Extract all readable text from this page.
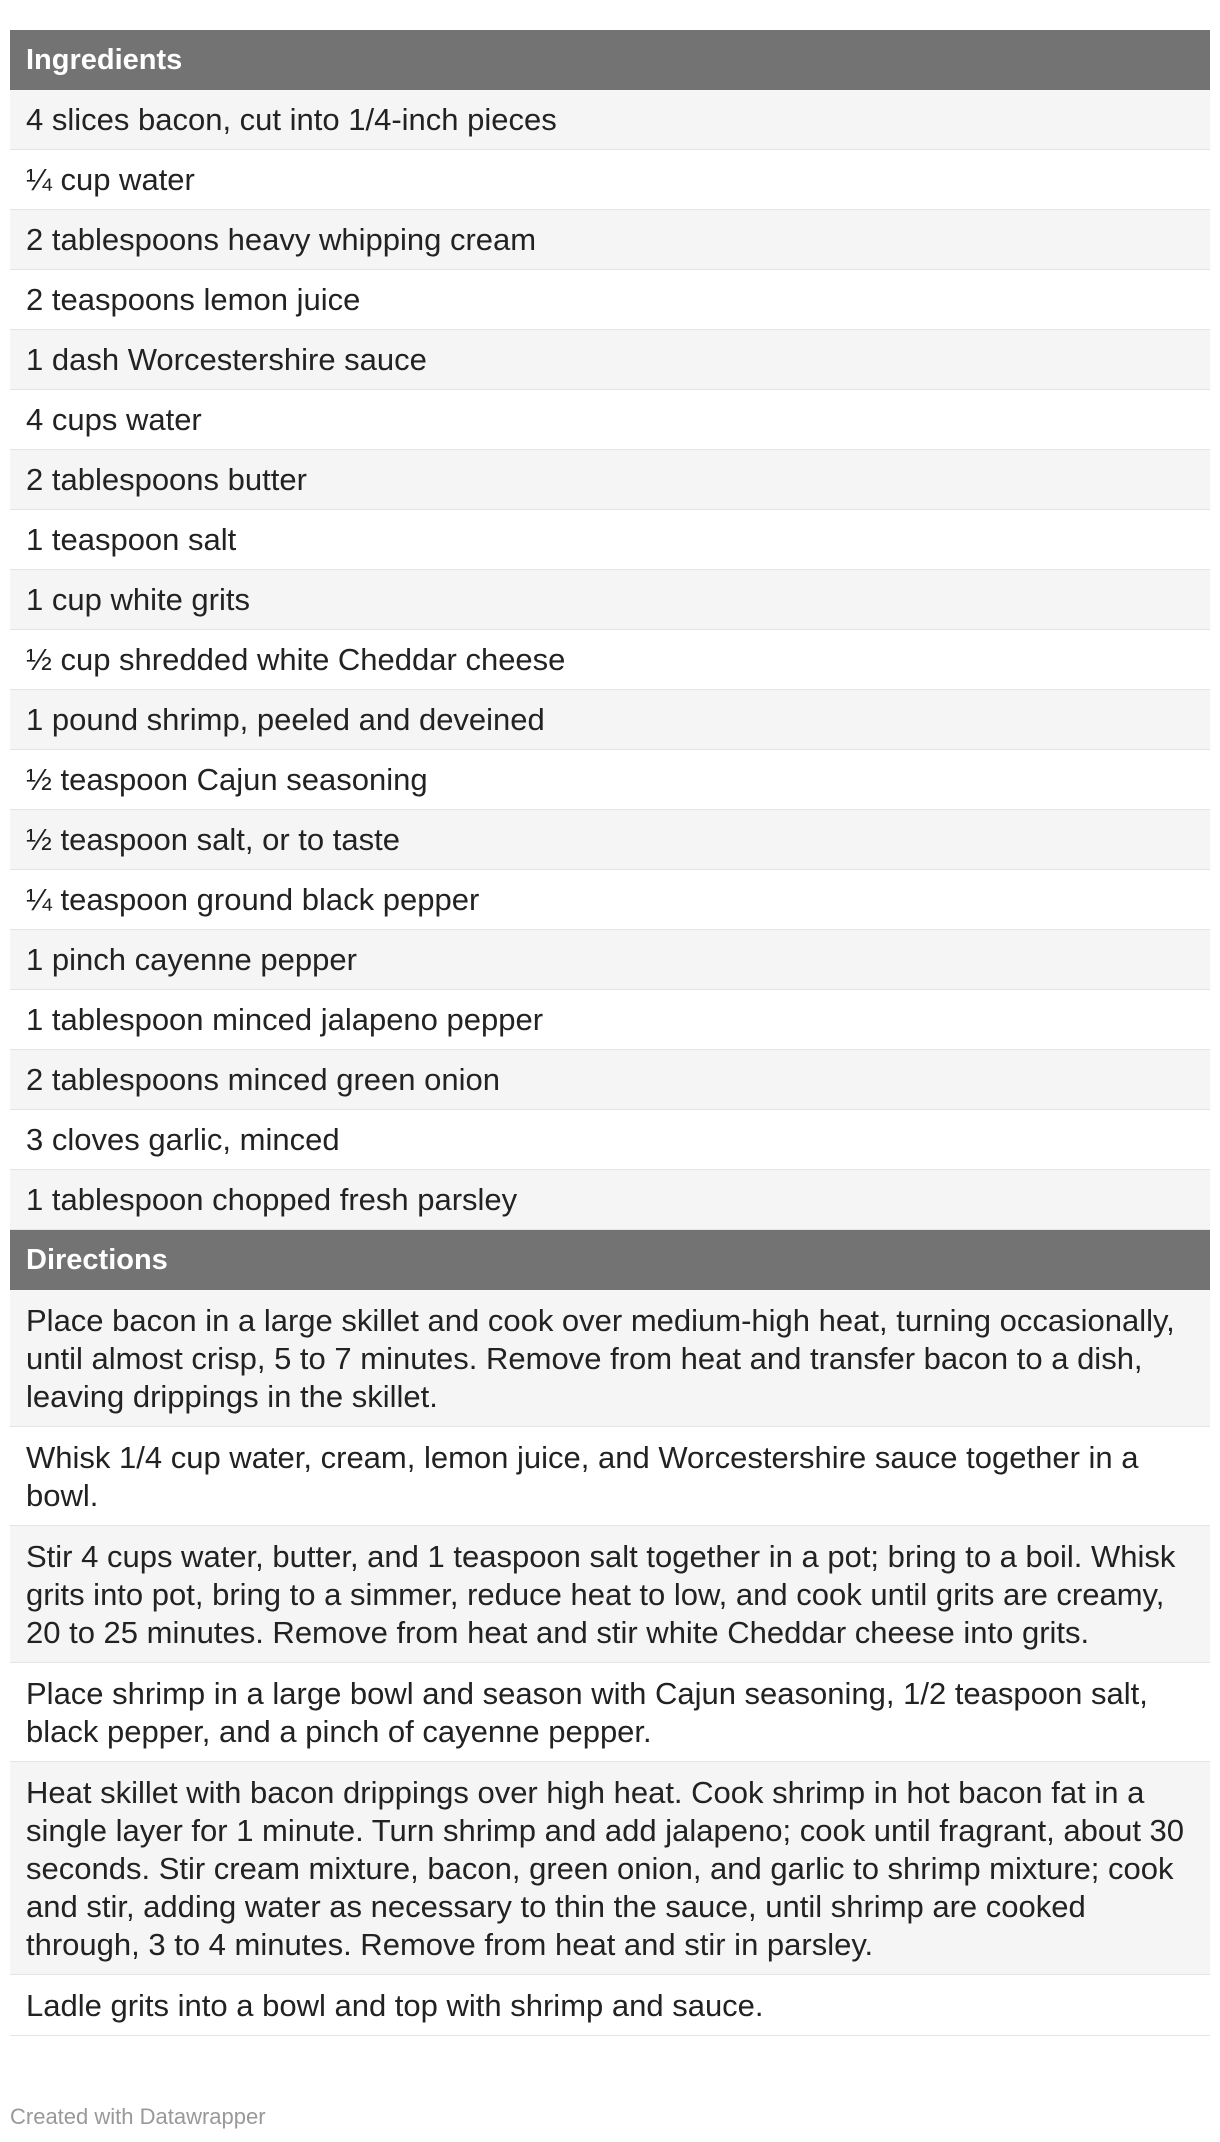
Ingredients
4 slices bacon, cut into 1/4-inch pieces
¼ cup water
2 tablespoons heavy whipping cream
2 teaspoons lemon juice
1 dash Worcestershire sauce
4 cups water
2 tablespoons butter
1 teaspoon salt
1 cup white grits
½ cup shredded white Cheddar cheese
1 pound shrimp, peeled and deveined
½ teaspoon Cajun seasoning
½ teaspoon salt, or to taste
¼ teaspoon ground black pepper
1 pinch cayenne pepper
1 tablespoon minced jalapeno pepper
2 tablespoons minced green onion
3 cloves garlic, minced
1 tablespoon chopped fresh parsley
Directions
Place bacon in a large skillet and cook over medium-high heat, turning occasionally, until almost crisp, 5 to 7 minutes. Remove from heat and transfer bacon to a dish, leaving drippings in the skillet.
Whisk 1/4 cup water, cream, lemon juice, and Worcestershire sauce together in a bowl.
Stir 4 cups water, butter, and 1 teaspoon salt together in a pot; bring to a boil. Whisk grits into pot, bring to a simmer, reduce heat to low, and cook until grits are creamy, 20 to 25 minutes. Remove from heat and stir white Cheddar cheese into grits.
Place shrimp in a large bowl and season with Cajun seasoning, 1/2 teaspoon salt, black pepper, and a pinch of cayenne pepper.
Heat skillet with bacon drippings over high heat. Cook shrimp in hot bacon fat in a single layer for 1 minute. Turn shrimp and add jalapeno; cook until fragrant, about 30 seconds. Stir cream mixture, bacon, green onion, and garlic to shrimp mixture; cook and stir, adding water as necessary to thin the sauce, until shrimp are cooked through, 3 to 4 minutes. Remove from heat and stir in parsley.
Ladle grits into a bowl and top with shrimp and sauce.
Created with Datawrapper
